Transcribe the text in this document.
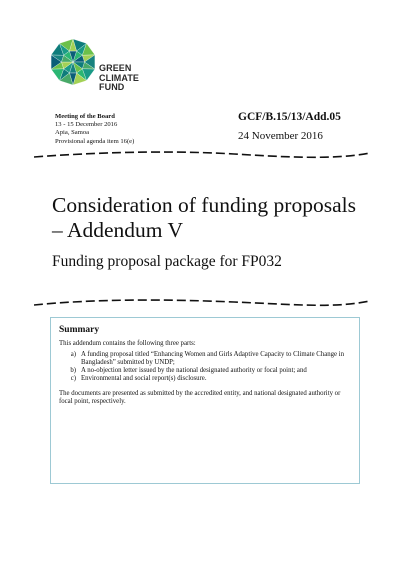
GREEN
CLIMATE
FUND
Meeting of the Board
13 - 15 December 2016
Apia, Samoa
Provisional agenda item 16(e)
GCF/B.15/13/Add.05
24 November 2016
Consideration of funding proposals – Addendum V
Funding proposal package for FP032
Summary
This addendum contains the following three parts:
a) A funding proposal titled “Enhancing Women and Girls Adaptive Capacity to Climate Change in Bangladesh” submitted by UNDP;
b) A no-objection letter issued by the national designated authority or focal point; and
c) Environmental and social report(s) disclosure.
The documents are presented as submitted by the accredited entity, and national designated authority or focal point, respectively.
